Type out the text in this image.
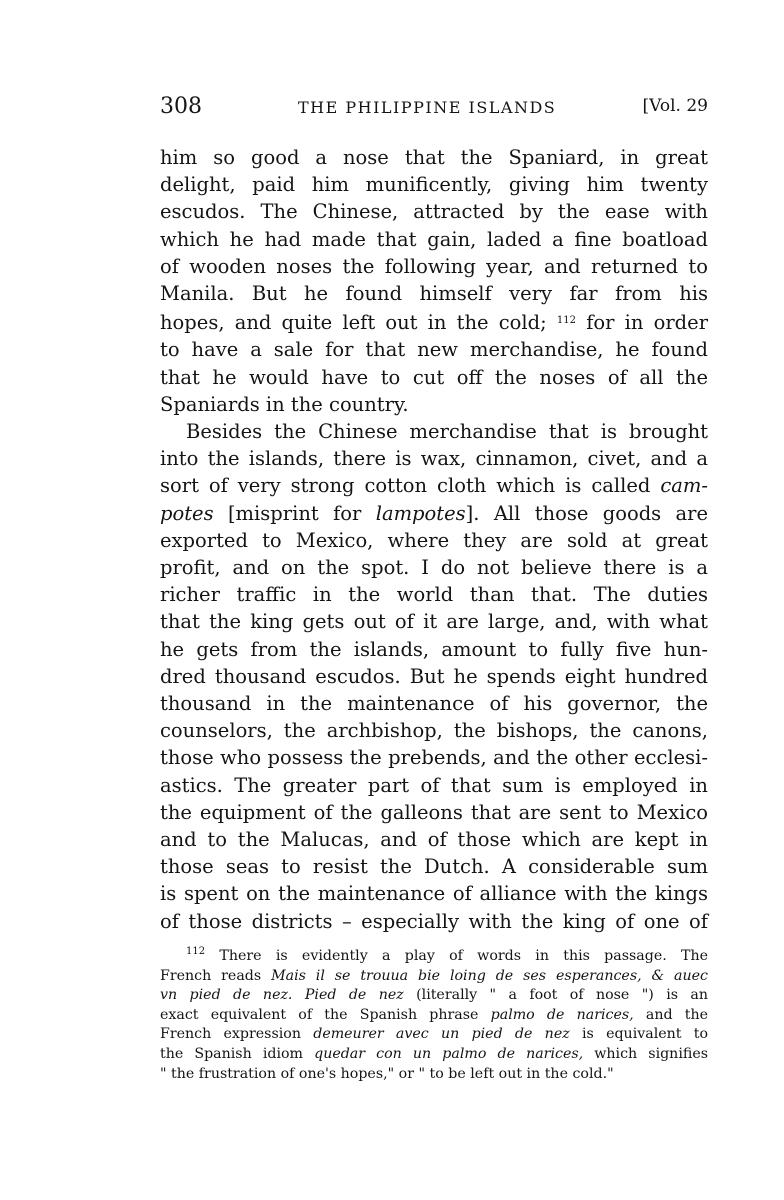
308	THE PHILIPPINE ISLANDS	[Vol. 29
him so good a nose that the Spaniard, in great
delight, paid him munificently, giving him twenty
escudos. The Chinese, attracted by the ease with
which he had made that gain, laded a fine boatload
of wooden noses the following year, and returned to
Manila. But he found himself very far from his
hopes, and quite left out in the cold; $^{112}$ for in order
to have a sale for that new merchandise, he found
that he would have to cut off the noses of all the
Spaniards in the country.
Besides the Chinese merchandise that is brought
into the islands, there is wax, cinnamon, civet, and a
sort of very strong cotton cloth which is called cam-
potes [misprint for lampotes]. All those goods are
exported to Mexico, where they are sold at great
profit, and on the spot. I do not believe there is a
richer traffic in the world than that. The duties
that the king gets out of it are large, and, with what
he gets from the islands, amount to fully five hun-
dred thousand escudos. But he spends eight hundred
thousand in the maintenance of his governor, the
counselors, the archbishop, the bishops, the canons,
those who possess the prebends, and the other ecclesi-
astics. The greater part of that sum is employed in
the equipment of the galleons that are sent to Mexico
and to the Malucas, and of those which are kept in
those seas to resist the Dutch. A considerable sum
is spent on the maintenance of alliance with the kings
of those districts – especially with the king of one of
$^{112}$ There is evidently a play of words in this passage. The
French reads Mais il se trouua bie loing de ses esperances, & auec
vn pied de nez. Pied de nez (literally " a foot of nose ") is an
exact equivalent of the Spanish phrase palmo de narices, and the
French expression demeurer avec un pied de nez is equivalent to
the Spanish idiom quedar con un palmo de narices, which signifies
" the frustration of one's hopes," or " to be left out in the cold."
